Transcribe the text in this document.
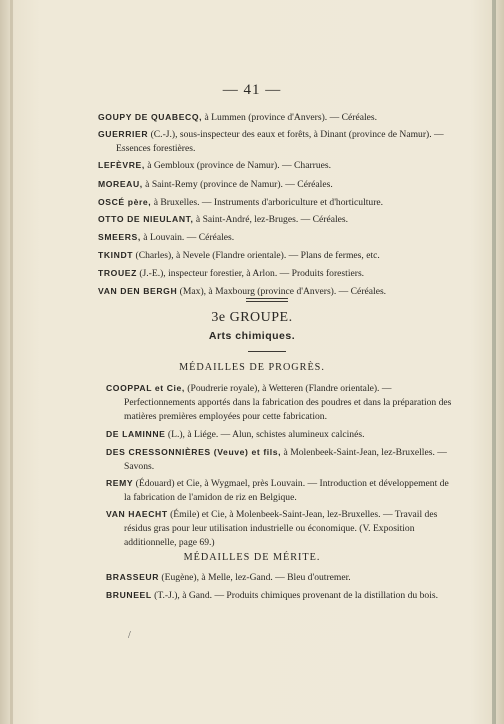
— 41 —
GOUPY DE QUABECQ, à Lummen (province d'Anvers). — Céréales.
GUERRIER (C.-J.), sous-inspecteur des eaux et forêts, à Dinant (province de Namur). — Essences forestières.
LEFÈVRE, à Gembloux (province de Namur). — Charrues.
MOREAU, à Saint-Remy (province de Namur). — Céréales.
OSCÉ père, à Bruxelles. — Instruments d'arboriculture et d'horticulture.
OTTO DE NIEULANT, à Saint-André, lez-Bruges. — Céréales.
SMEERS, à Louvain. — Céréales.
TKINDT (Charles), à Nevele (Flandre orientale). — Plans de fermes, etc.
TROUEZ (J.-E.), inspecteur forestier, à Arlon. — Produits forestiers.
VAN DEN BERGH (Max), à Maxbourg (province d'Anvers). — Céréales.
3e GROUPE.
Arts chimiques.
MÉDAILLES DE PROGRÈS.
COOPPAL et Cie, (Poudrerie royale), à Wetteren (Flandre orientale). — Perfectionnements apportés dans la fabrication des poudres et dans la préparation des matières premières employées pour cette fabrication.
DE LAMINNE (L.), à Liége. — Alun, schistes alumineux calcinés.
DES CRESSONNIÈRES (Veuve) et fils, à Molenbeek-Saint-Jean, lez-Bruxelles. — Savons.
REMY (Édouard) et Cie, à Wygmael, près Louvain. — Introduction et développement de la fabrication de l'amidon de riz en Belgique.
VAN HAECHT (Émile) et Cie, à Molenbeek-Saint-Jean, lez-Bruxelles. — Travail des résidus gras pour leur utilisation industrielle ou économique. (V. Exposition additionnelle, page 69.)
MÉDAILLES DE MÉRITE.
BRASSEUR (Eugène), à Melle, lez-Gand. — Bleu d'outremer.
BRUNEEL (T.-J.), à Gand. — Produits chimiques provenant de la distillation du bois.
/
